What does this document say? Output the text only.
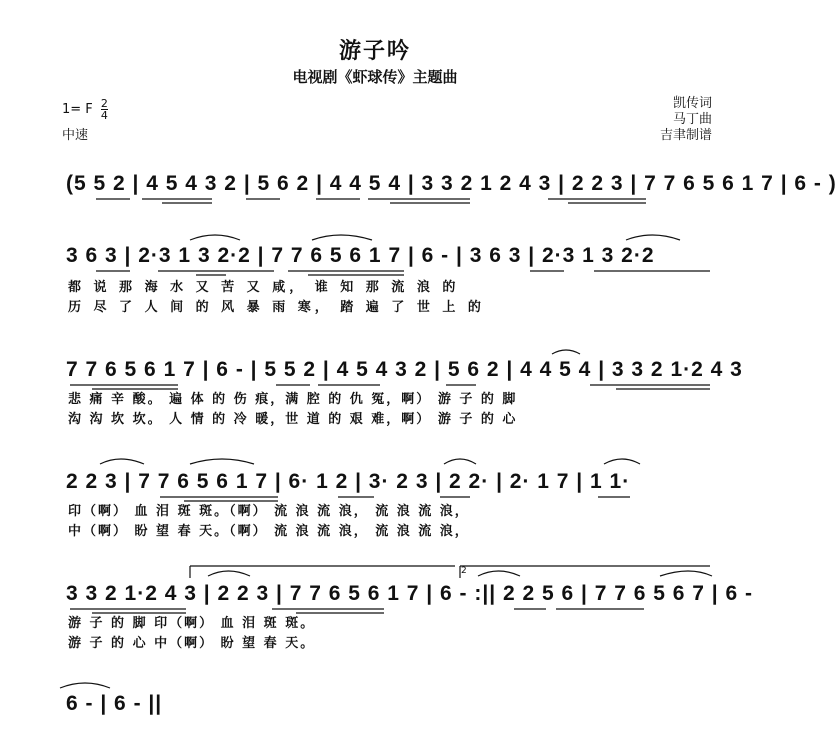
游子吟
电视剧《虾球传》主题曲
1= F $\frac{2}{4}$
中速
凯传词
马丁曲
吉聿制谱
(5 5 2 | 4 5 4 3 2 | 5 6 2 | 4 4 5 4 | 3 3 2 1 2 4 3 | 2 2 3 | 7 7 6 5 6 1 7 | 6 - )
3 6 3 | 2·3 1 3 2·2 | 7 7 6 5 6 1 7 | 6 - | 3 6 3 | 2·3 1 3 2·2
都 说 那 海 水 又 苦 又 咸， 谁 知 那 流 浪 的
历 尽 了 人 间 的 风 暴 雨 寒， 踏 遍 了 世 上 的
7 7 6 5 6 1 7 | 6 - | 5 5 2 | 4 5 4 3 2 | 5 6 2 | 4 4 5 4 | 3 3 2 1·2 4 3
悲 痛 辛 酸。 遍 体 的 伤 痕，满 腔 的 仇 冤，啊） 游 子 的 脚
沟 沟 坎 坎。 人 情 的 冷 暖，世 道 的 艰 难，啊） 游 子 的 心
2 2 3 | 7 7 6 5 6 1 7 | 6· 1 2 | 3· 2 3 | 2 2· | 2· 1 7 | 1 1·
印（啊） 血 泪 斑 斑。（啊） 流 浪 流 浪， 流 浪 流 浪，
中（啊） 盼 望 春 天。（啊） 流 浪 流 浪， 流 浪 流 浪，
3 3 2 1·2 4 3 | 2 2 3 | 7 7 6 5 6 1 7 | 6 - :|| 2 2 5 6 | 7 7 6 5 6 7 | 6 -
2
游 子 的 脚 印（啊） 血 泪 斑 斑。
游 子 的 心 中（啊） 盼 望 春 天。
6 - | 6 - ||
